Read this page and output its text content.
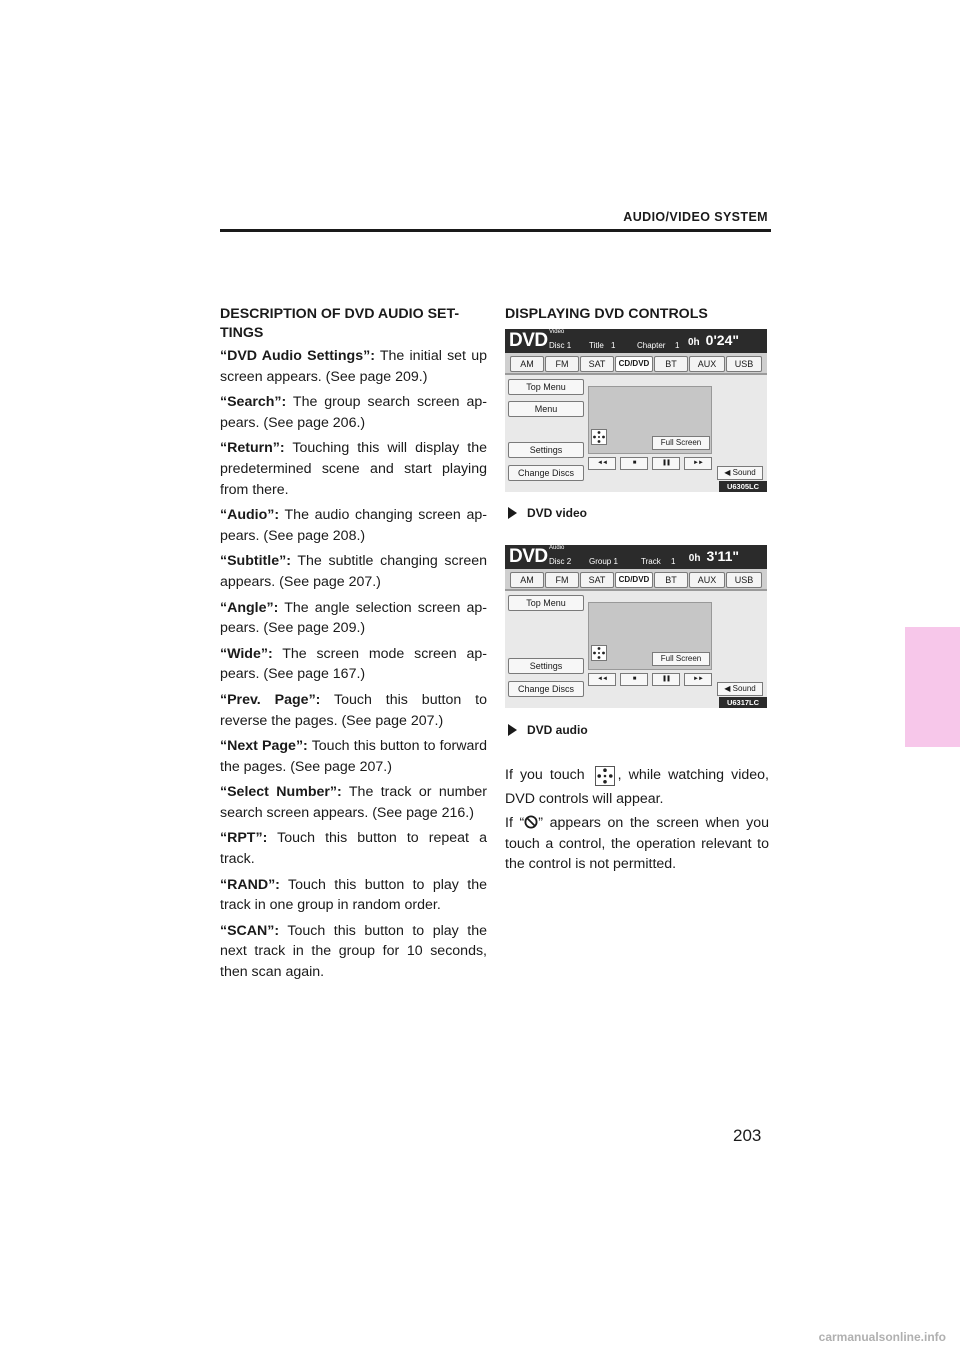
AUDIO/VIDEO SYSTEM
DESCRIPTION OF DVD AUDIO SET-TINGS

“DVD Audio Settings”: The initial set up screen appears. (See page 209.)

“Search”: The group search screen ap- pears. (See page 206.)

“Return”: Touching this will display the predetermined scene and start playing from there.

“Audio”: The audio changing screen ap- pears. (See page 208.)

“Subtitle”: The subtitle changing screen appears. (See page 207.)

“Angle”: The angle selection screen ap- pears. (See page 209.)

“Wide”: The screen mode screen ap- pears. (See page 167.)

“Prev. Page”: Touch this button to reverse the pages. (See page 207.)

“Next Page”: Touch this button to forward the pages. (See page 207.)

“Select Number”: The track or number search screen appears. (See page 216.)

“RPT”: Touch this button to repeat a track.

“RAND”: Touch this button to play the track in one group in random order.

“SCAN”: Touch this button to play the next track in the group for 10 seconds, then scan again.

DISPLAYING DVD CONTROLS
DVD Video
Disc 1 Title 1	Chapter 1 0h 0'24"
AM	FM	SAT	CD/DVD	BT	AUX	USB
Top Menu
Menu
Full Screen
Settings
Change Discs
◄◄	■	❚❚	►►
◀ Sound
U6305LC
DVD video
DVD Audio
Disc 2 Group 1	Track 1 0h 3'11"
AM	FM	SAT	CD/DVD	BT	AUX	USB
Top Menu
Full Screen
Settings
Change Discs
◄◄	■	❚❚	►►
◀ Sound
U6317LC
DVD audio
If you touch , while watching video, DVD controls will appear.
If “ ” appears on the screen when you touch a control, the operation relevant to the control is not permitted.
203
carmanualsonline.info
